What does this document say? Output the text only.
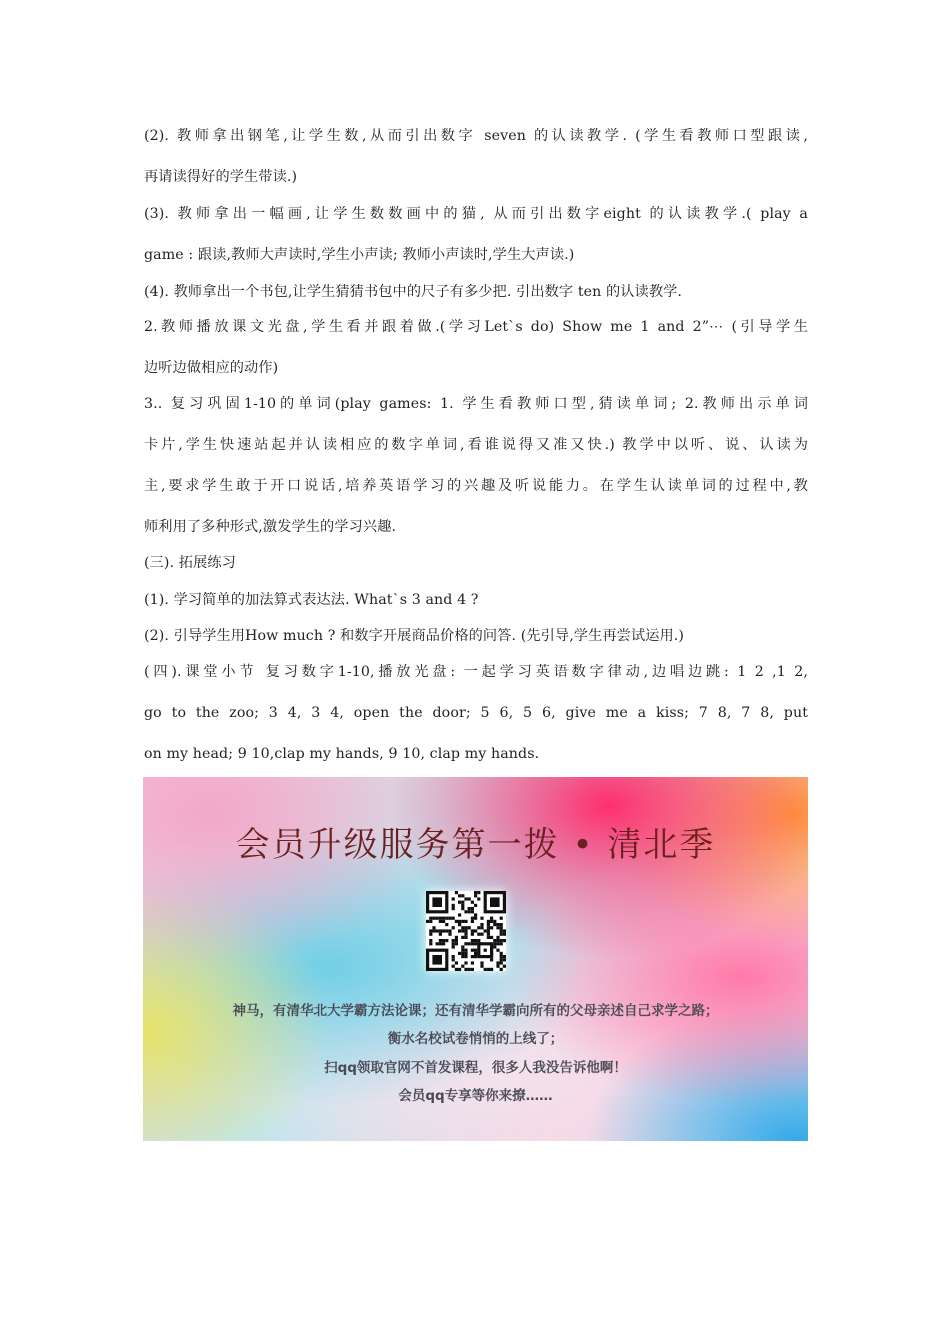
(2). 教师拿出钢笔,让学生数,从而引出数字 seven 的认读教学. (学生看教师口型跟读,
再请读得好的学生带读.)
(3). 教师拿出一幅画,让学生数数画中的猫, 从而引出数字eight 的认读教学.( play a
game : 跟读,教师大声读时,学生小声读; 教师小声读时,学生大声读.)
(4). 教师拿出一个书包,让学生猜猜书包中的尺子有多少把. 引出数字 ten 的认读教学.
2.教师播放课文光盘,学生看并跟着做.(学习Let`s do) Show me 1 and 2”⋯ (引导学生
边听边做相应的动作)
3.. 复习巩固1-10的单词(play games: 1. 学生看教师口型,猜读单词; 2.教师出示单词
卡片,学生快速站起并认读相应的数字单词,看谁说得又准又快.) 教学中以听、说、认读为
主,要求学生敢于开口说话,培养英语学习的兴趣及听说能力。在学生认读单词的过程中,教
师利用了多种形式,激发学生的学习兴趣.
(三). 拓展练习
(1). 学习简单的加法算式表达法. What`s 3 and 4 ?
(2). 引导学生用How much ? 和数字开展商品价格的问答. (先引导,学生再尝试运用.)
(四).课堂小节 复习数字1-10,播放光盘: 一起学习英语数字律动,边唱边跳: 1 2 ,1 2,
go to the zoo; 3 4, 3 4, open the door; 5 6, 5 6, give me a kiss; 7 8, 7 8, put
on my head; 9 10,clap my hands, 9 10, clap my hands.
会员升级服务第一拨 • 清北季
神马，有清华北大学霸方法论课；还有清华学霸向所有的父母亲述自己求学之路；
衡水名校试卷悄悄的上线了；
扫qq领取官网不首发课程，很多人我没告诉他啊！
会员qq专享等你来撩……
